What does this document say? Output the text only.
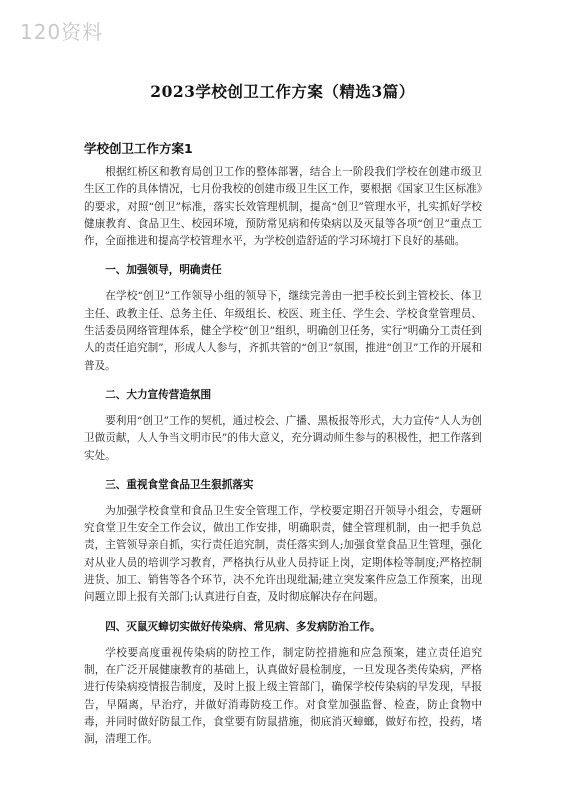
120资料
2023学校创卫工作方案（精选3篇）
学校创卫工作方案1

根据红桥区和教育局创卫工作的整体部署，结合上一阶段我们学校在创建市级卫生区工作的具体情况，七月份我校的创建市级卫生区工作，要根据《国家卫生区标准》的要求，对照“创卫”标准，落实长效管理机制，提高“创卫”管理水平，扎实抓好学校健康教育、食品卫生、校园环境，预防常见病和传染病以及灭鼠等各项“创卫”重点工作，全面推进和提高学校管理水平，为学校创造舒适的学习环境打下良好的基础。

一、加强领导，明确责任

在学校“创卫”工作领导小组的领导下，继续完善由一把手校长到主管校长、体卫主任、政教主任、总务主任、年级组长、校医、班主任、学生会、学校食堂管理员、生活委员网络管理体系，健全学校“创卫”组织，明确创卫任务，实行“明确分工责任到人的责任追究制”，形成人人参与，齐抓共管的“创卫”氛围，推进“创卫”工作的开展和普及。

二、大力宣传营造氛围

要利用“创卫”工作的契机，通过校会、广播、黑板报等形式，大力宣传“人人为创卫做贡献，人人争当文明市民”的伟大意义，充分调动师生参与的积极性，把工作落到实处。

三、重视食堂食品卫生狠抓落实

为加强学校食堂和食品卫生安全管理工作，学校要定期召开领导小组会，专题研究食堂卫生安全工作会议，做出工作安排，明确职责，健全管理机制，由一把手负总责，主管领导亲自抓，实行责任追究制，责任落实到人;加强食堂食品卫生管理，强化对从业人员的培训学习教育，严格执行从业人员持证上岗，定期体检等制度;严格控制进货、加工、销售等各个环节，决不允许出现纰漏;建立突发案件应急工作预案，出现问题立即上报有关部门;认真进行自查，及时彻底解决存在问题。

四、灭鼠灭蟑切实做好传染病、常见病、多发病防治工作。

学校要高度重视传染病的防控工作，制定防控措施和应急预案，建立责任追究制，在广泛开展健康教育的基础上，认真做好晨检制度，一旦发现各类传染病，严格进行传染病疫情报告制度，及时上报上级主管部门，确保学校传染病的早发现，早报告，早隔离，早治疗，并做好消毒防疫工作。对食堂加强监督、检查，防止食物中毒，并同时做好防鼠工作，食堂要有防鼠措施，彻底消灭蟑螂，做好布控，投药，堵洞，清理工作。
